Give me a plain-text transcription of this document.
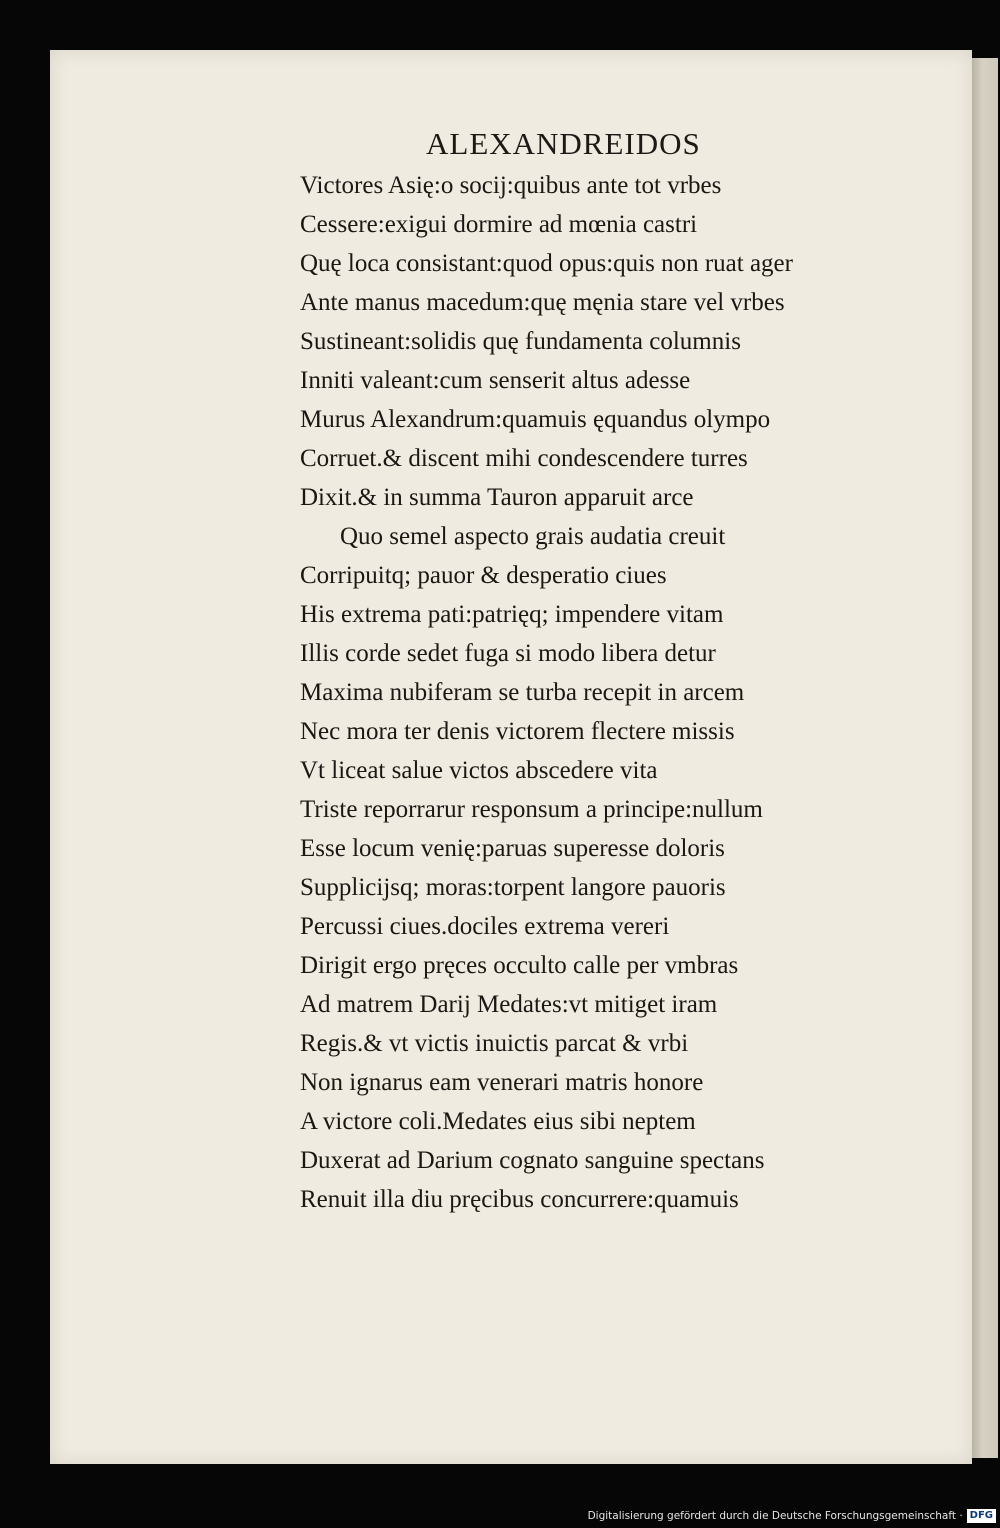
ALEXANDREIDOS
Victores Asię:o socij:quibus ante tot vrbes
Cessere:exigui dormire ad mœnia castri
Quę loca consistant:quod opus:quis non ruat ager
Ante manus macedum:quę męnia stare vel vrbes
Sustineant:solidis quę fundamenta columnis
Inniti valeant:cum senserit altus adesse
Murus Alexandrum:quamuis ęquandus olympo
Corruet.& discent mihi condescendere turres
Dixit.& in summa Tauron apparuit arce
Quo semel aspecto grais audatia creuit
Corripuitq; pauor & desperatio ciues
His extrema pati:patrięq; impendere vitam
Illis corde sedet fuga si modo libera detur
Maxima nubiferam se turba recepit in arcem
Nec mora ter denis victorem flectere missis
Vt liceat salue victos abscedere vita
Triste reporrarur responsum a principe:nullum
Esse locum venię:paruas superesse doloris
Supplicijsq; moras:torpent langore pauoris
Percussi ciues.dociles extrema vereri
Dirigit ergo pręces occulto calle per vmbras
Ad matrem Darij Medates:vt mitiget iram
Regis.& vt victis inuictis parcat & vrbi
Non ignarus eam venerari matris honore
A victore coli.Medates eius sibi neptem
Duxerat ad Darium cognato sanguine spectans
Renuit illa diu pręcibus concurrere:quamuis
Digitalisierung gefördert durch die Deutsche Forschungsgemeinschaft · DFG
